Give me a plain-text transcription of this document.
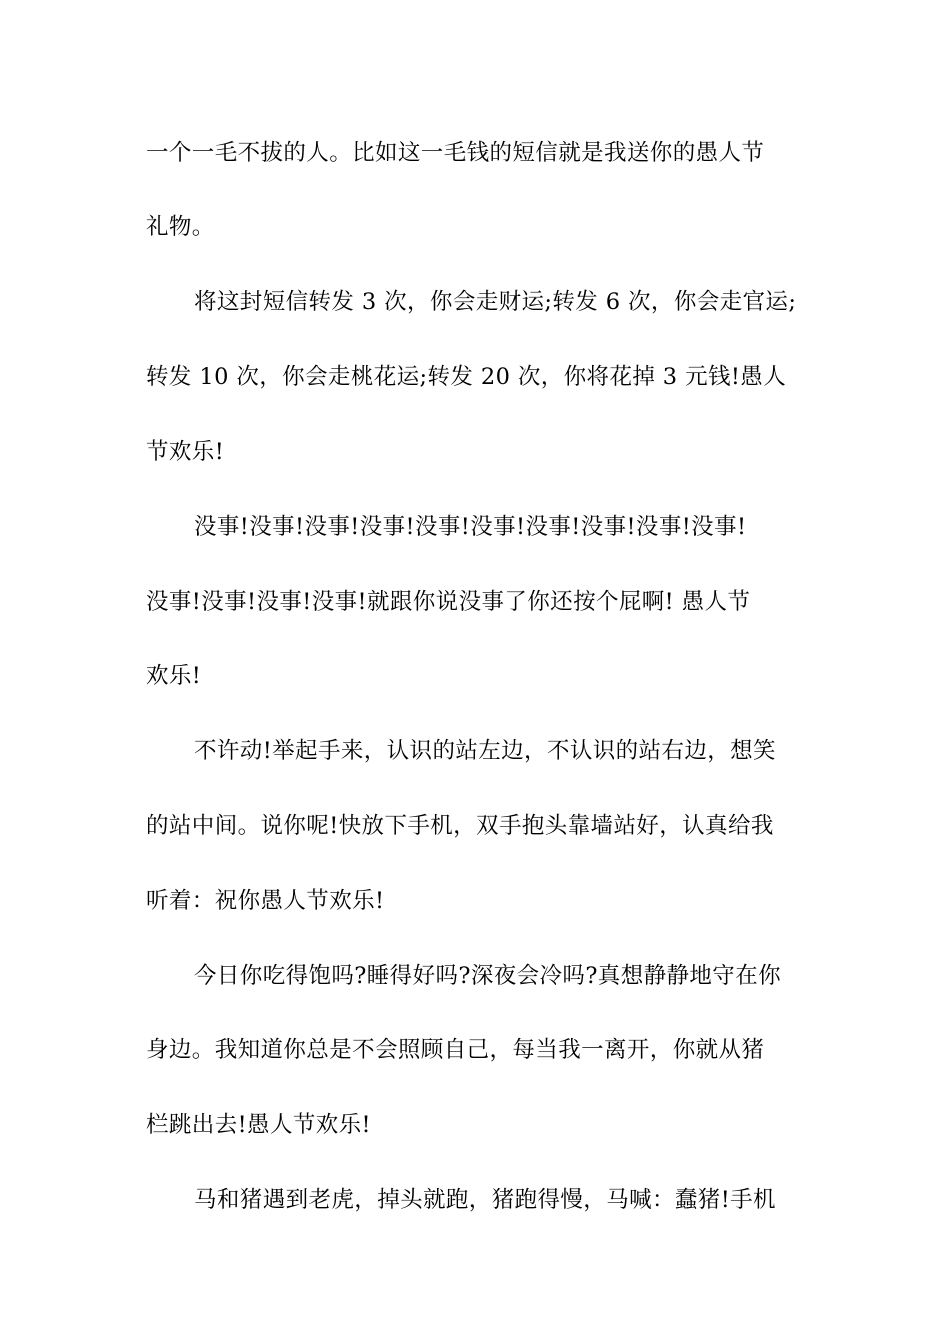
一个一毛不拔的人。比如这一毛钱的短信就是我送你的愚人节
礼物。
将这封短信转发 3 次，你会走财运;转发 6 次，你会走官运;
转发 10 次，你会走桃花运;转发 20 次，你将花掉 3 元钱!愚人
节欢乐!
没事!没事!没事!没事!没事!没事!没事!没事!没事!没事!
没事!没事!没事!没事!就跟你说没事了你还按个屁啊! 愚人节
欢乐!
不许动!举起手来，认识的站左边，不认识的站右边，想笑
的站中间。说你呢!快放下手机，双手抱头靠墙站好，认真给我
听着：祝你愚人节欢乐!
今日你吃得饱吗?睡得好吗?深夜会冷吗?真想静静地守在你
身边。我知道你总是不会照顾自己，每当我一离开，你就从猪
栏跳出去!愚人节欢乐!
马和猪遇到老虎，掉头就跑，猪跑得慢，马喊：蠢猪!手机
